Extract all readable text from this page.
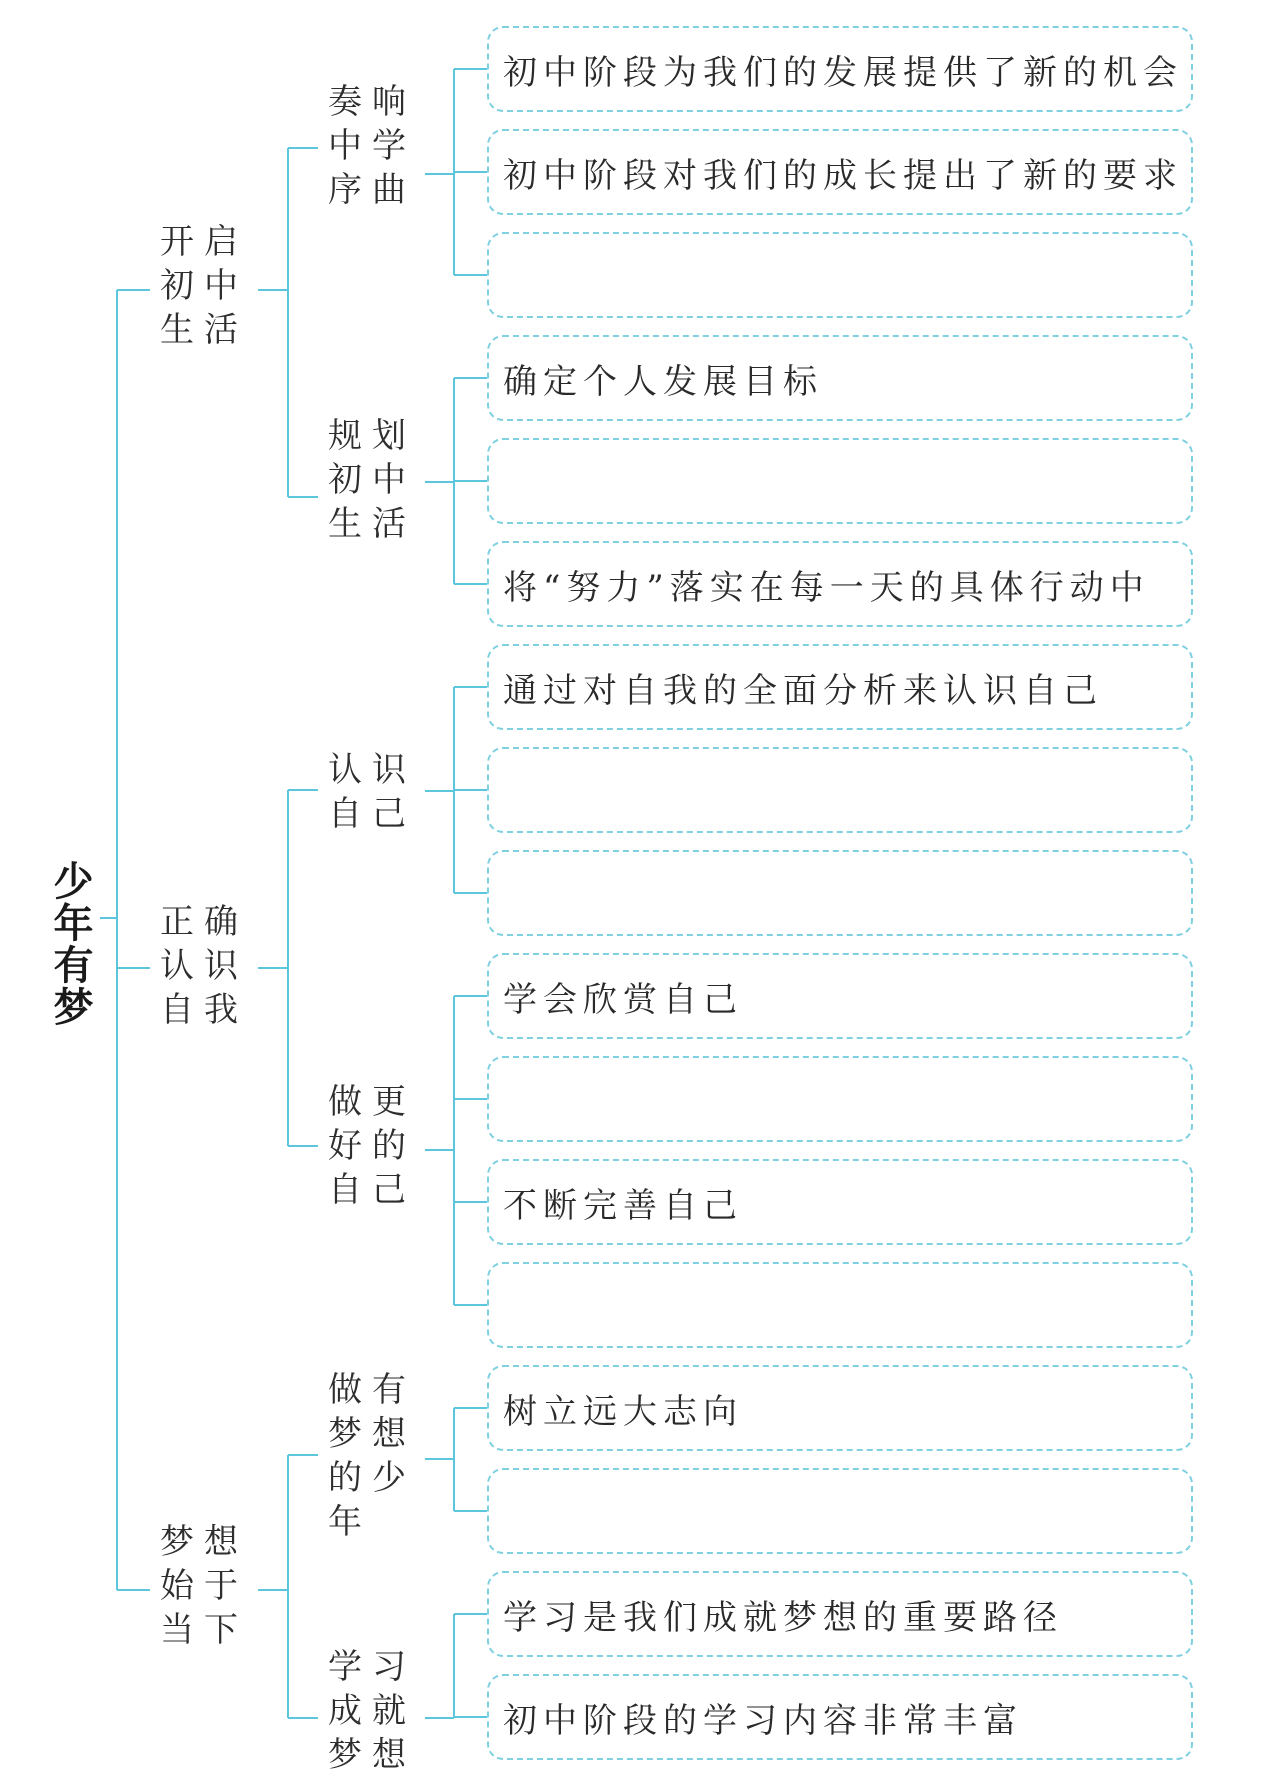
少年有梦
开启初中生活
正确认识自我
梦想始于当下
奏响中学序曲
规划初中生活
认识自己
做更好的自己
做有梦想的少年
学习成就梦想
初中阶段为我们的发展提供了新的机会
初中阶段对我们的成长提出了新的要求
确定个人发展目标
将“努力”落实在每一天的具体行动中
通过对自我的全面分析来认识自己
学会欣赏自己
不断完善自己
树立远大志向
学习是我们成就梦想的重要路径
初中阶段的学习内容非常丰富
